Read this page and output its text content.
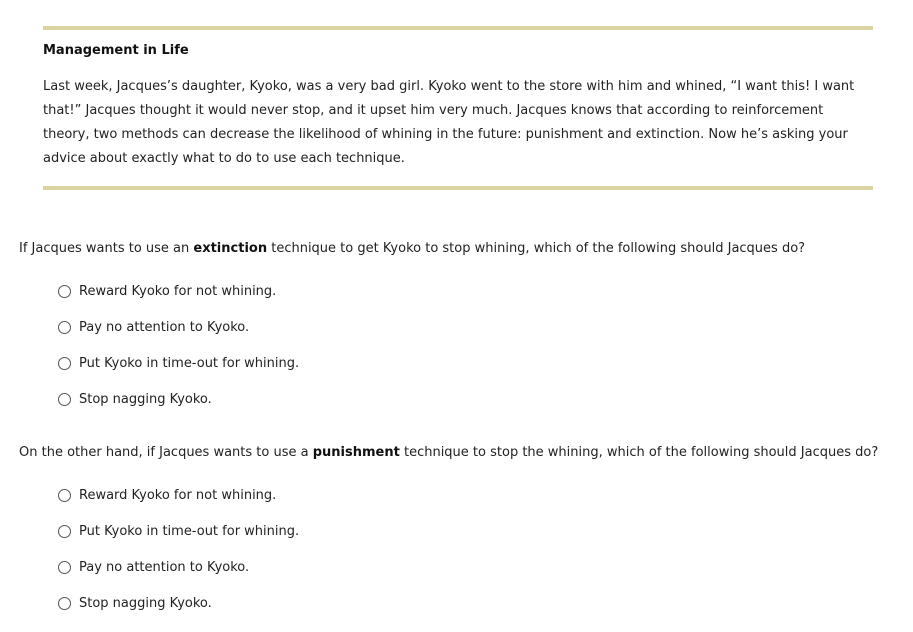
Management in Life

Last week, Jacques’s daughter, Kyoko, was a very bad girl. Kyoko went to the store with him and whined, “I want this! I want that!” Jacques thought it would never stop, and it upset him very much. Jacques knows that according to reinforcement theory, two methods can decrease the likelihood of whining in the future: punishment and extinction. Now he’s asking your advice about exactly what to do to use each technique.

If Jacques wants to use an extinction technique to get Kyoko to stop whining, which of the following should Jacques do?

Reward Kyoko for not whining.
Pay no attention to Kyoko.
Put Kyoko in time-out for whining.
Stop nagging Kyoko.

On the other hand, if Jacques wants to use a punishment technique to stop the whining, which of the following should Jacques do?

Reward Kyoko for not whining.
Put Kyoko in time-out for whining.
Pay no attention to Kyoko.
Stop nagging Kyoko.
